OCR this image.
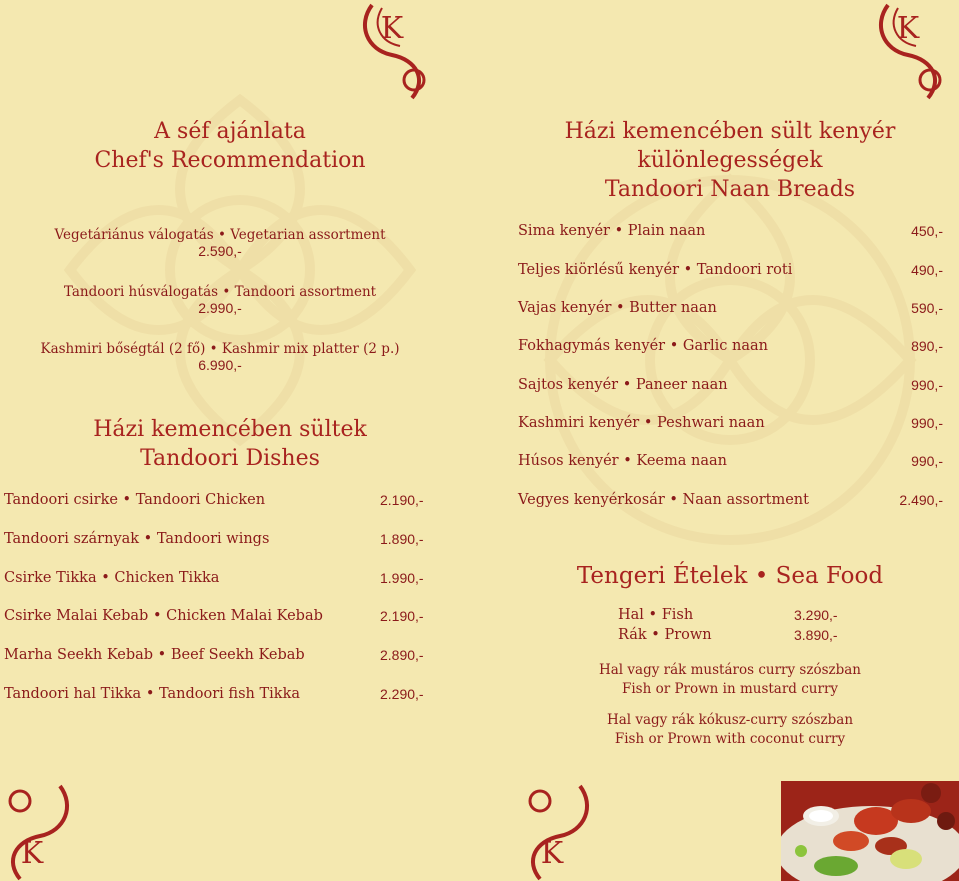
K	K
K	K
A séf ajánlata
Chef's Recommendation
Vegetáriánus válogatás • Vegetarian assortment
2.590,-
Tandoori húsválogatás • Tandoori assortment
2.990,-
Kashmiri bőségtál (2 fő) • Kashmir mix platter (2 p.)
6.990,-
Házi kemencében sültek
Tandoori Dishes
Tandoori csirke • Tandoori Chicken	2.190,-
Tandoori szárnyak • Tandoori wings	1.890,-
Csirke Tikka • Chicken Tikka	1.990,-
Csirke Malai Kebab • Chicken Malai Kebab	2.190,-
Marha Seekh Kebab • Beef Seekh Kebab	2.890,-
Tandoori hal Tikka • Tandoori fish Tikka	2.290,-
Házi kemencében sült kenyér
különlegességek
Tandoori Naan Breads
Sima kenyér • Plain naan	450,-
Teljes kiörlésű kenyér • Tandoori roti	490,-
Vajas kenyér • Butter naan	590,-
Fokhagymás kenyér • Garlic naan	890,-
Sajtos kenyér • Paneer naan	990,-
Kashmiri kenyér • Peshwari naan	990,-
Húsos kenyér • Keema naan	990,-
Vegyes kenyérkosár • Naan assortment	2.490,-
Tengeri Ételek • Sea Food
Hal • Fish	3.290,-
Rák • Prown	3.890,-
Hal vagy rák mustáros curry szószban
Fish or Prown in mustard curry
Hal vagy rák kókusz-curry szószban
Fish or Prown with coconut curry
